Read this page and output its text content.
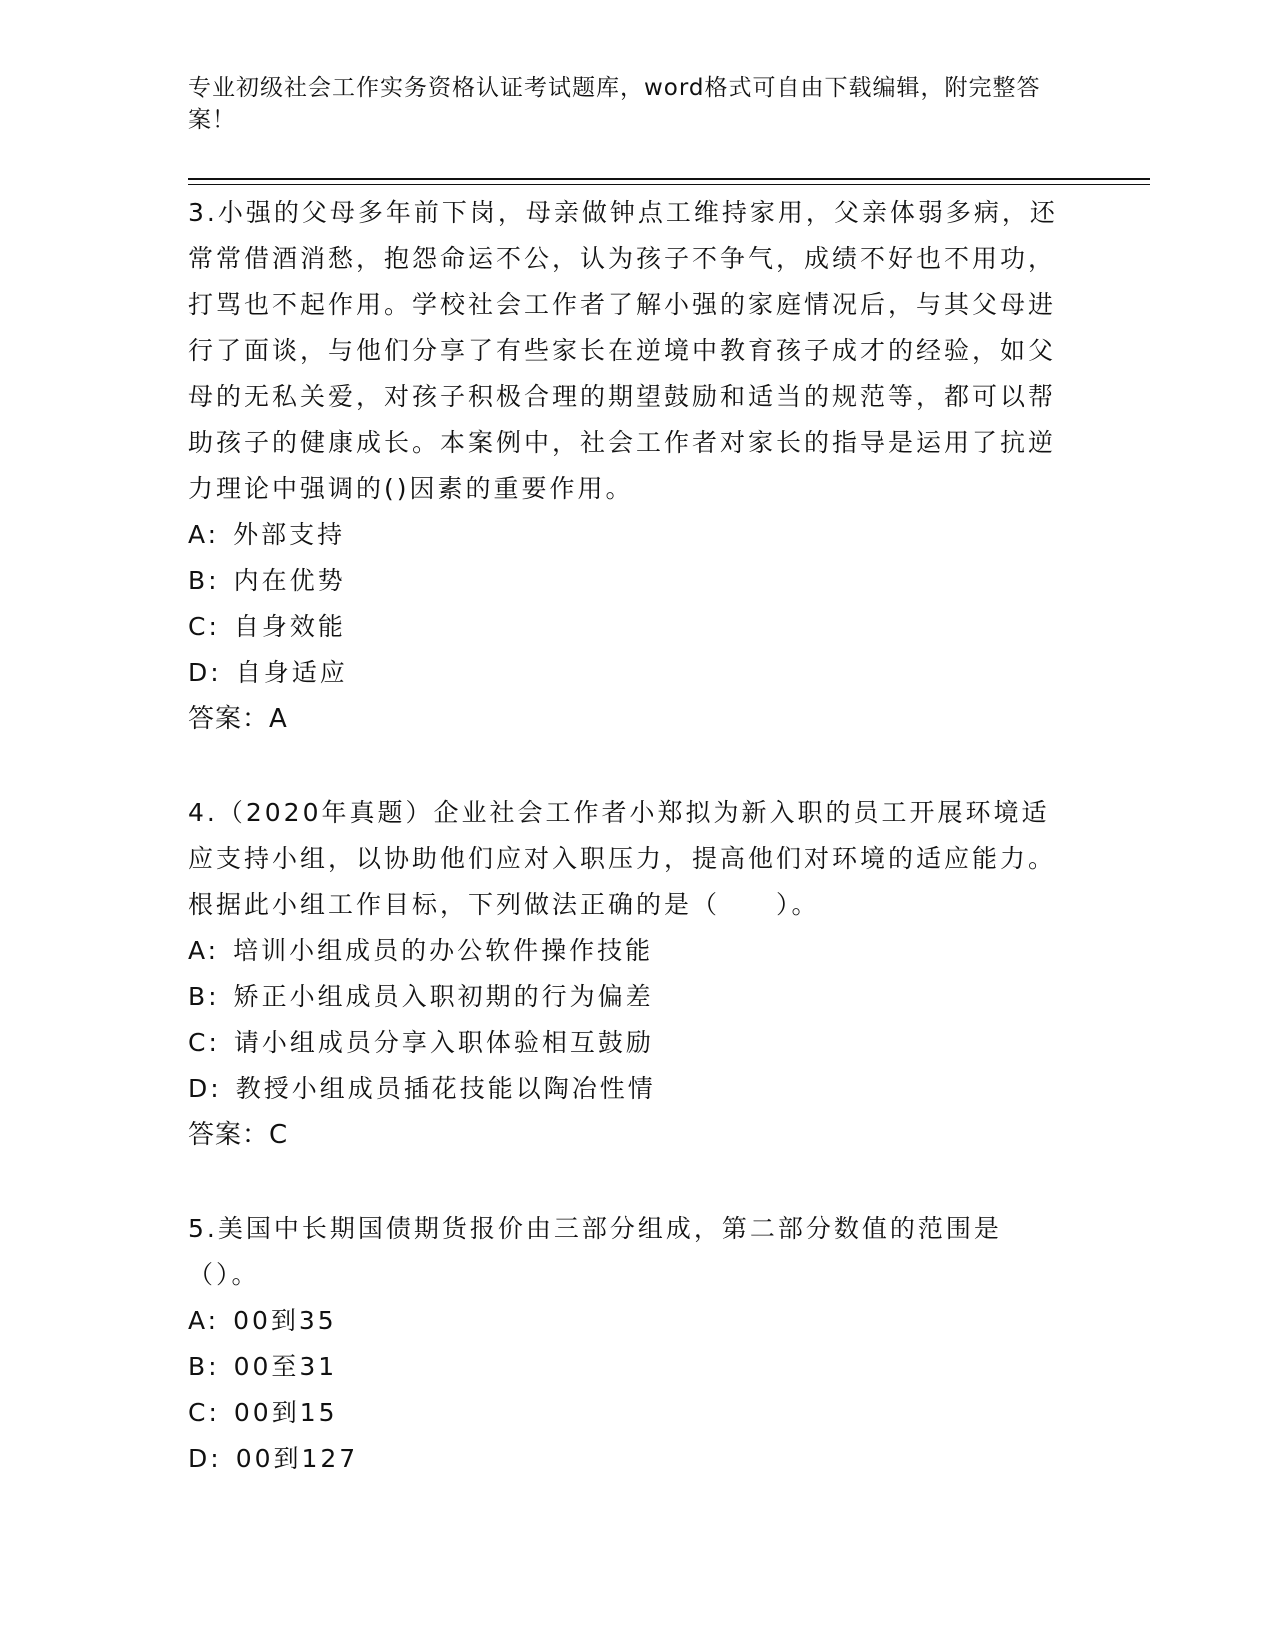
专业初级社会工作实务资格认证考试题库，word格式可自由下载编辑，附完整答案！

3.小强的父母多年前下岗，母亲做钟点工维持家用，父亲体弱多病，还常常借酒消愁，抱怨命运不公，认为孩子不争气，成绩不好也不用功，打骂也不起作用。学校社会工作者了解小强的家庭情况后，与其父母进行了面谈，与他们分享了有些家长在逆境中教育孩子成才的经验，如父母的无私关爱，对孩子积极合理的期望鼓励和适当的规范等，都可以帮助孩子的健康成长。本案例中，社会工作者对家长的指导是运用了抗逆力理论中强调的()因素的重要作用。

A: 外部支持

B: 内在优势

C: 自身效能

D: 自身适应

答案：A

4.（2020年真题）企业社会工作者小郑拟为新入职的员工开展环境适应支持小组，以协助他们应对入职压力，提高他们对环境的适应能力。根据此小组工作目标，下列做法正确的是（　　）。

A: 培训小组成员的办公软件操作技能

B: 矫正小组成员入职初期的行为偏差

C: 请小组成员分享入职体验相互鼓励

D: 教授小组成员插花技能以陶冶性情

答案：C

5.美国中长期国债期货报价由三部分组成，第二部分数值的范围是（）。

A: 00到35

B: 00至31

C: 00到15

D: 00到127
